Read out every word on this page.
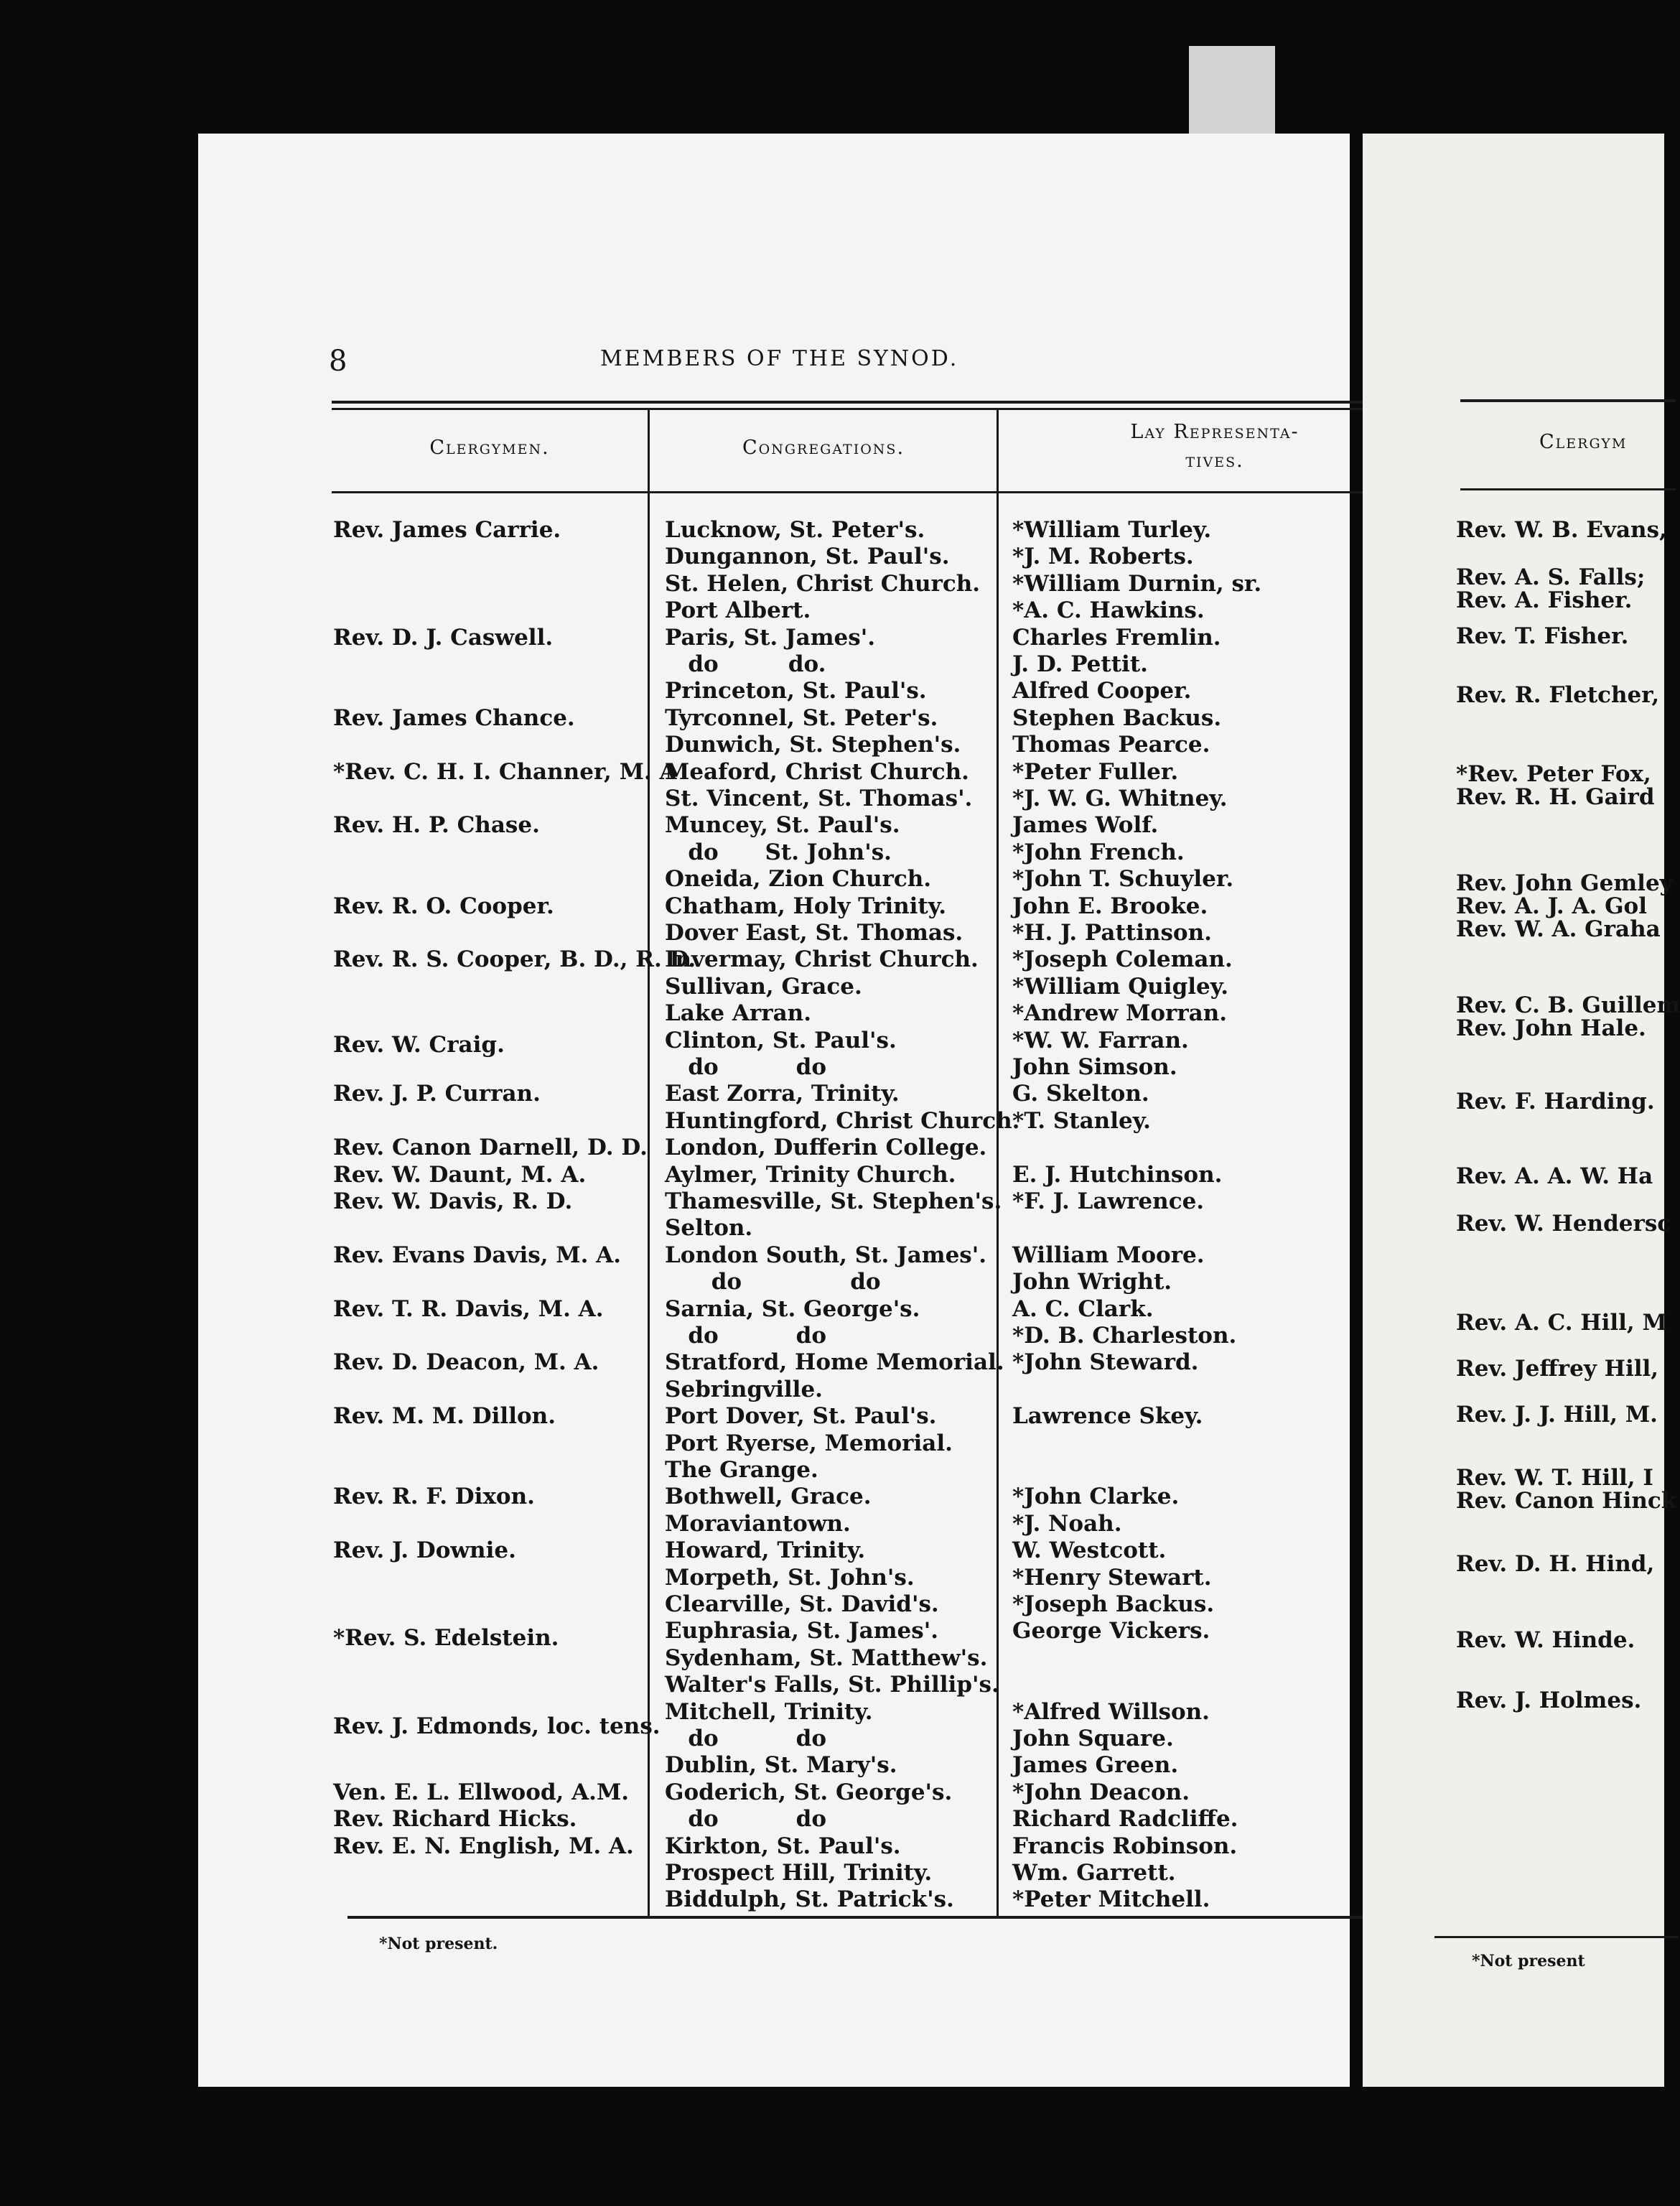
8	MEMBERS OF THE SYNOD.
Clergymen.	Congregations.
Lay Representa-
tives.
Rev. James Carrie.
Rev. D. J. Caswell.
Rev. James Chance.
*Rev. C. H. I. Channer, M. A
Rev. H. P. Chase.
Rev. R. O. Cooper.
Rev. R. S. Cooper, B. D., R. D.
Rev. W. Craig.
Rev. J. P. Curran.
Rev. Canon Darnell, D. D.
Rev. W. Daunt, M. A.
Rev. W. Davis, R. D.
Rev. Evans Davis, M. A.
Rev. T. R. Davis, M. A.
Rev. D. Deacon, M. A.
Rev. M. M. Dillon.
Rev. R. F. Dixon.
Rev. J. Downie.
*Rev. S. Edelstein.
Rev. J. Edmonds, loc. tens.
Ven. E. L. Ellwood, A.M.
Rev. Richard Hicks.
Rev. E. N. English, M. A.
Lucknow, St. Peter's.
Dungannon, St. Paul's.
St. Helen, Christ Church.
Port Albert.
Paris, St. James'.
do         do.
Princeton, St. Paul's.
Tyrconnel, St. Peter's.
Dunwich, St. Stephen's.
Meaford, Christ Church.
St. Vincent, St. Thomas'.
Muncey, St. Paul's.
do      St. John's.
Oneida, Zion Church.
Chatham, Holy Trinity.
Dover East, St. Thomas.
Invermay, Christ Church.
Sullivan, Grace.
Lake Arran.
Clinton, St. Paul's.
do          do
East Zorra, Trinity.
Huntingford, Christ Church.
London, Dufferin College.
Aylmer, Trinity Church.
Thamesville, St. Stephen's.
Selton.
London South, St. James'.
do              do
Sarnia, St. George's.
do          do
Stratford, Home Memorial.
Sebringville.
Port Dover, St. Paul's.
Port Ryerse, Memorial.
The Grange.
Bothwell, Grace.
Moraviantown.
Howard, Trinity.
Morpeth, St. John's.
Clearville, St. David's.
Euphrasia, St. James'.
Sydenham, St. Matthew's.
Walter's Falls, St. Phillip's.
Mitchell, Trinity.
do          do
Dublin, St. Mary's.
Goderich, St. George's.
do          do
Kirkton, St. Paul's.
Prospect Hill, Trinity.
Biddulph, St. Patrick's.
*William Turley.
*J. M. Roberts.
*William Durnin, sr.
*A. C. Hawkins.
Charles Fremlin.
J. D. Pettit.
Alfred Cooper.
Stephen Backus.
Thomas Pearce.
*Peter Fuller.
*J. W. G. Whitney.
James Wolf.
*John French.
*John T. Schuyler.
John E. Brooke.
*H. J. Pattinson.
*Joseph Coleman.
*William Quigley.
*Andrew Morran.
*W. W. Farran.
John Simson.
G. Skelton.
*T. Stanley.
E. J. Hutchinson.
*F. J. Lawrence.
William Moore.
John Wright.
A. C. Clark.
*D. B. Charleston.
*John Steward.
Lawrence Skey.
*John Clarke.
*J. Noah.
W. Westcott.
*Henry Stewart.
*Joseph Backus.
George Vickers.
*Alfred Willson.
John Square.
James Green.
*John Deacon.
Richard Radcliffe.
Francis Robinson.
Wm. Garrett.
*Peter Mitchell.
*Not present.
Clergym
Rev. W. B. Evans,
Rev. A. S. Falls;
Rev. A. Fisher.
Rev. T. Fisher.
Rev. R. Fletcher,
*Rev. Peter Fox,
Rev. R. H. Gaird
Rev. John Gemley
Rev. A. J. A. Gol
Rev. W. A. Graha
Rev. C. B. Guillem
Rev. John Hale.
Rev. F. Harding.
Rev. A. A. W. Ha
Rev. W. Hendersc
Rev. A. C. Hill, M
Rev. Jeffrey Hill,
Rev. J. J. Hill, M.
Rev. W. T. Hill, I
Rev. Canon Hinck
Rev. D. H. Hind,
Rev. W. Hinde.
Rev. J. Holmes.
*Not present
